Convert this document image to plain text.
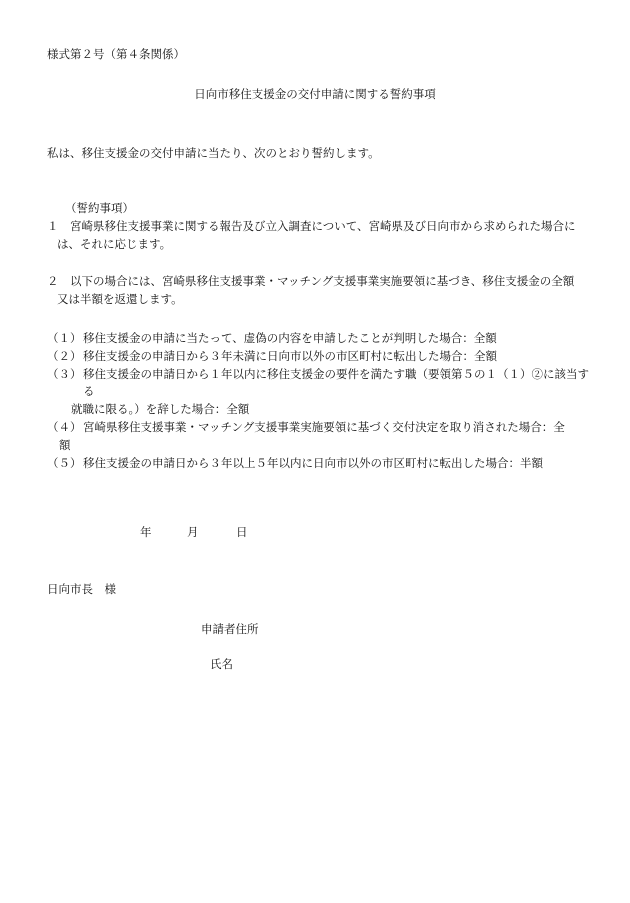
様式第２号（第４条関係）
日向市移住支援金の交付申請に関する誓約事項
私は、移住支援金の交付申請に当たり、次のとおり誓約します。
（誓約事項）
１	宮崎県移住支援事業に関する報告及び立入調査について、宮崎県及び日向市から求められた場合に
は、それに応じます。
２	以下の場合には、宮崎県移住支援事業・マッチング支援事業実施要領に基づき、移住支援金の全額
又は半額を返還します。
（１） 移住支援金の申請に当たって、虚偽の内容を申請したことが判明した場合：全額
（２） 移住支援金の申請日から３年未満に日向市以外の市区町村に転出した場合：全額
（３） 移住支援金の申請日から１年以内に移住支援金の要件を満たす職（要領第５の１（１）②に該当する
就職に限る。）を辞した場合：全額
（４） 宮崎県移住支援事業・マッチング支援事業実施要領に基づく交付決定を取り消された場合：全
額
（５） 移住支援金の申請日から３年以上５年以内に日向市以外の市区町村に転出した場合：半額
年	月	日
日向市長　様
申請者住所
氏名
